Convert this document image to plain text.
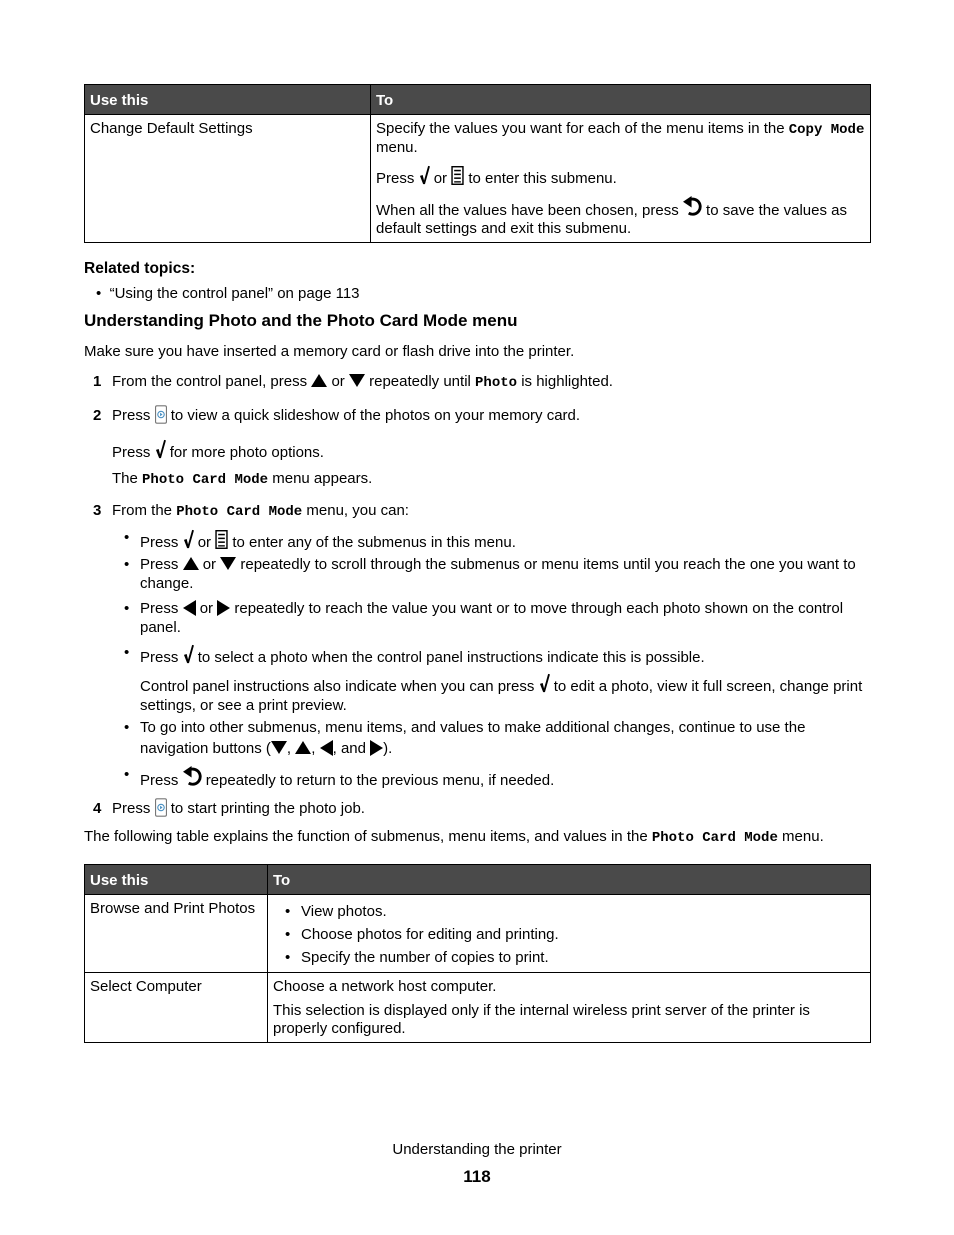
Use this	To
Change Default Settings	Specify the values you want for each of the menu items in the Copy Mode menu.

Press or to enter this submenu.

When all the values have been chosen, press to save the values as default settings and exit this submenu.

Related topics:
• “Using the control panel” on page 113
Understanding Photo and the Photo Card Mode menu
Make sure you have inserted a memory card or flash drive into the printer.
1 From the control panel, press or repeatedly until Photo is highlighted.
2 Press to view a quick slideshow of the photos on your memory card.
Press for more photo options.
The Photo Card Mode menu appears.
3 From the Photo Card Mode menu, you can:
• Press or to enter any of the submenus in this menu.
• Press or repeatedly to scroll through the submenus or menu items until you reach the one you want to change.
• Press or repeatedly to reach the value you want or to move through each photo shown on the control panel.
• Press to select a photo when the control panel instructions indicate this is possible.
Control panel instructions also indicate when you can press to edit a photo, view it full screen, change print settings, or see a print preview.
• To go into other submenus, menu items, and values to make additional changes, continue to use the navigation buttons ( , , , and ).
• Press repeatedly to return to the previous menu, if needed.
4 Press to start printing the photo job.
The following table explains the function of submenus, menu items, and values in the Photo Card Mode menu.
Use this	To
Browse and Print Photos	• View photos.
• Choose photos for editing and printing.
• Specify the number of copies to print.

Select Computer	Choose a network host computer.

This selection is displayed only if the internal wireless print server of the printer is properly configured.

Understanding the printer
118
